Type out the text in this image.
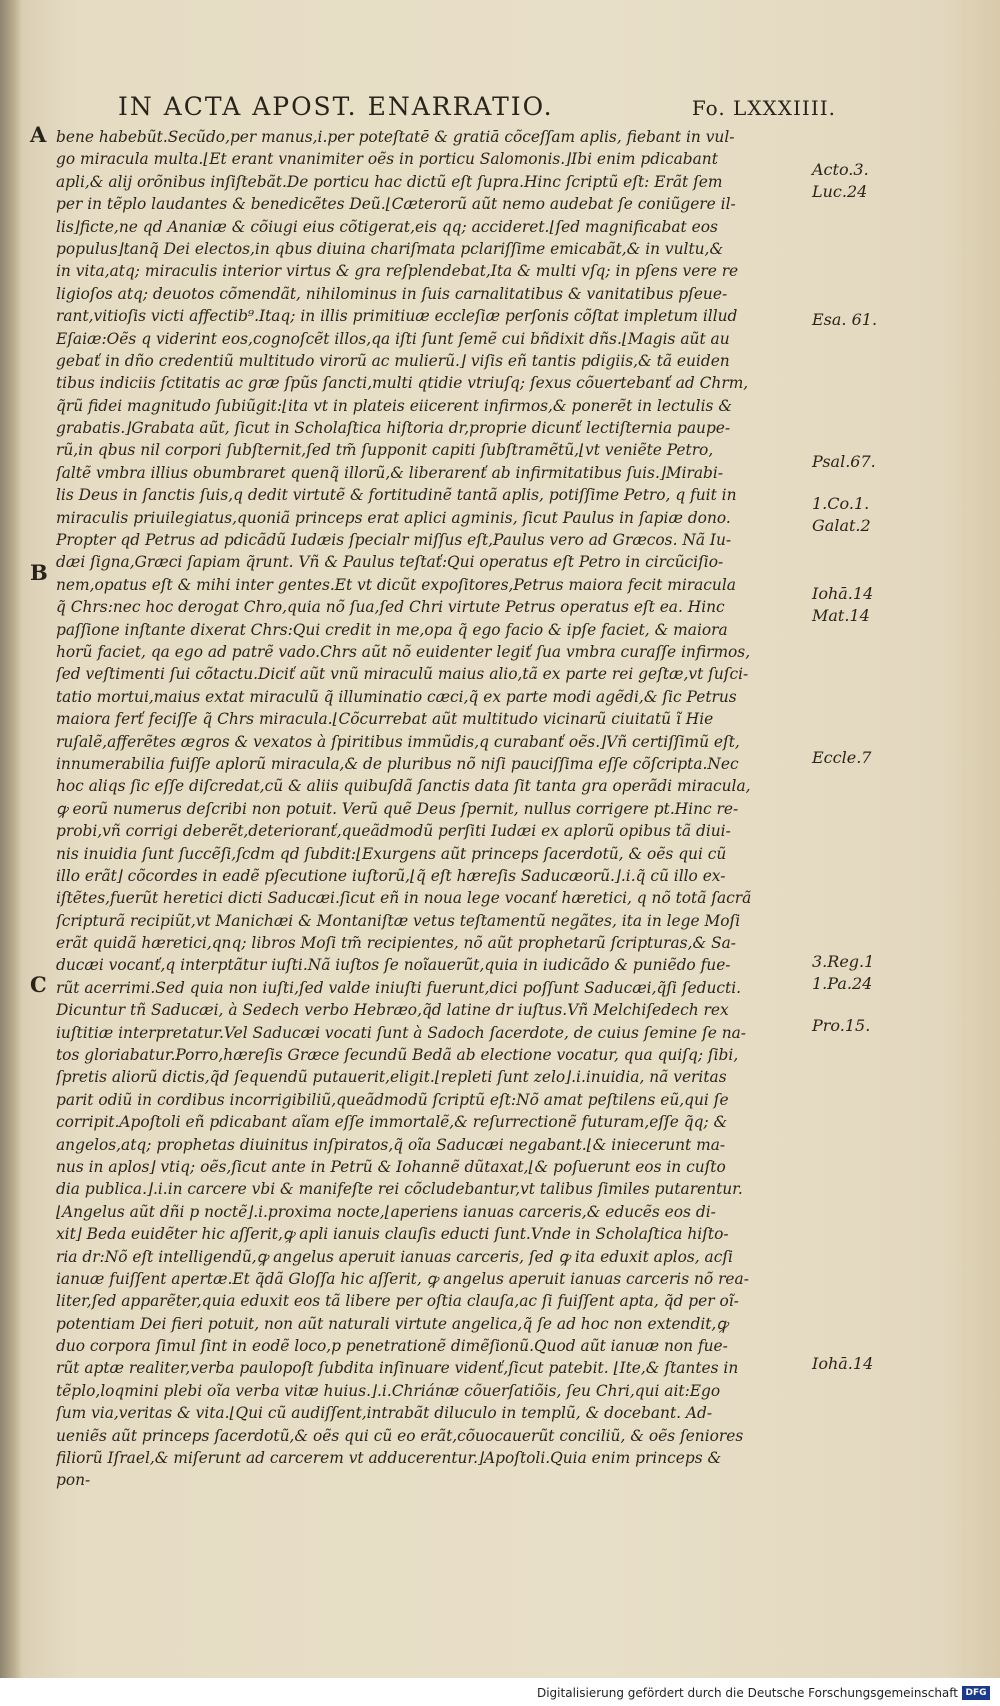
IN ACTA APOST. ENARRATIO.	Fo. LXXXIIII.
A
B
C
bene habebũt.Secũdo,per manus,i.per poteſtatē & gratiā cõceſſam aplis, fiebant in vul-
go miracula multa.⌊Et erant vnanimiter oẽs in porticu Salomonis.⌋Ibi enim pdicabant
apli,& alij orõnibus inſiſtebãt.De porticu hac dictũ eſt ſupra.Hinc ſcriptũ eſt: Erãt ſem
per in tẽplo laudantes & benedicẽtes Deũ.⌊Cæterorũ aũt nemo audebat ſe coniũgere il-
lis⌋ficte,ne qd Ananiæ & cõiugi eius cõtigerat,eis qq; accideret.⌊ſed magnificabat eos
populus⌋tanq̃ Dei electos,in qbus diuina chariſmata pclariſſime emicabãt,& in vultu,&
in vita,atq; miraculis interior virtus & gra reſplendebat,Ita & multi vſq; in pſens vere re
ligioſos atq; deuotos cõmendãt, nihilominus in ſuis carnalitatibus & vanitatibus pſeue-
rant,vitioſis victi affectib⁹.Itaq; in illis primitiuæ eccleſiæ perſonis cõſtat impletum illud
Eſaiæ:Oẽs q viderint eos,cognoſcẽt illos,qa iſti ſunt ſemẽ cui bñdixit dñs.⌊Magis aũt au
gebať in dño credentiũ multitudo virorũ ac mulierũ.⌋ viſis eñ tantis pdigiis,& tã euiden
tibus indiciis ſctitatis ac græ ſpũs ſancti,multi qtidie vtriuſq; ſexus cõuertebanť ad Chrm,
q̃rũ fidei magnitudo ſubiũgit:⌊ita vt in plateis eiicerent infirmos,& ponerẽt in lectulis &
grabatis.⌋Grabata aũt, ſicut in Scholaſtica hiſtoria dr,proprie dicunť lectiſternia paupe-
rũ,in qbus nil corpori ſubſternit,ſed tm̃ ſupponit capiti ſubſtramẽtũ,⌊vt veniẽte Petro,
ſaltẽ vmbra illius obumbraret quenq̃ illorũ,& liberarenť ab infirmitatibus ſuis.⌋Mirabi-
lis Deus in ſanctis ſuis,q dedit virtutẽ & fortitudinẽ tantã aplis, potiſſime Petro, q fuit in
miraculis priuilegiatus,quoniã princeps erat aplici agminis, ſicut Paulus in ſapiæ dono.
Propter qd Petrus ad pdicãdũ Iudæis ſpecialr miſſus eſt,Paulus vero ad Græcos. Nã Iu-
dæi ſigna,Græci ſapiam q̃runt. Vñ & Paulus teſtať:Qui operatus eſt Petro in circũciſio-
nem,opatus eſt & mihi inter gentes.Et vt dicũt expoſitores,Petrus maiora fecit miracula
q̃ Chrs:nec hoc derogat Chro,quia nõ ſua,ſed Chri virtute Petrus operatus eſt ea. Hinc
paſſione inſtante dixerat Chrs:Qui credit in me,opa q̃ ego facio & ipſe faciet, & maiora
horũ faciet, qa ego ad patrẽ vado.Chrs aũt nõ euidenter legiť ſua vmbra curaſſe infirmos,
ſed veſtimenti ſui cõtactu.Diciť aũt vnũ miraculũ maius alio,tã ex parte rei geſtæ,vt ſuſci-
tatio mortui,maius extat miraculũ q̃ illuminatio cæci,q̃ ex parte modi agẽdi,& ſic Petrus
maiora ferť feciſſe q̃ Chrs miracula.⌊Cõcurrebat aũt multitudo vicinarũ ciuitatũ ĩ Hie
ruſalẽ,afferẽtes ægros & vexatos à ſpiritibus immũdis,q curabanť oẽs.⌋Vñ certiſſimũ eſt,
innumerabilia fuiſſe aplorũ miracula,& de pluribus nõ niſi pauciſſima eſſe cõſcripta.Nec
hoc aliqs ſic eſſe diſcredat,cũ & aliis quibuſdã ſanctis data ſit tanta gra operãdi miracula,
ꝙ eorũ numerus deſcribi non potuit. Verũ quẽ Deus ſpernit, nullus corrigere pt.Hinc re-
probi,vñ corrigi deberẽt,deterioranť,queãdmodũ perſiti Iudæi ex aplorũ opibus tã diui-
nis inuidia ſunt ſuccẽſi,ſcdm qd ſubdit:⌊Exurgens aũt princeps ſacerdotũ, & oẽs qui cũ
illo erãt⌋ cõcordes in eadẽ pſecutione iuſtorũ,⌊q̃ eſt hæreſis Saducæorũ.⌋.i.q̃ cũ illo ex-
iſtẽtes,fuerũt heretici dicti Saducæi.ſicut eñ in noua lege vocanť hæretici, q nõ totã ſacrã
ſcripturã recipiũt,vt Manichæi & Montaniſtæ vetus teſtamentũ negãtes, ita in lege Moſi
erãt quidã hæretici,qnq; libros Moſi tm̃ recipientes, nõ aũt prophetarũ ſcripturas,& Sa-
ducæi vocanť,q interptãtur iuſti.Nã iuſtos ſe noĩauerũt,quia in iudicãdo & puniẽdo fue-
rũt acerrimi.Sed quia non iuſti,ſed valde iniuſti fuerunt,dici poſſunt Saducæi,q̃ſi ſeducti.
Dicuntur tñ Saducæi, à Sedech verbo Hebræo,q̃d latine dr iuſtus.Vñ Melchiſedech rex
iuſtitiæ interpretatur.Vel Saducæi vocati ſunt à Sadoch ſacerdote, de cuius ſemine ſe na-
tos gloriabatur.Porro,hæreſis Græce ſecundũ Bedã ab electione vocatur, qua quiſq; ſibi,
ſpretis aliorũ dictis,q̃d ſequendũ putauerit,eligit.⌊repleti ſunt zelo⌋.i.inuidia, nã veritas
parit odiũ in cordibus incorrigibiliũ,queãdmodũ ſcriptũ eſt:Nõ amat peſtilens eũ,qui ſe
corripit.Apoſtoli eñ pdicabant aĩam eſſe immortalẽ,& reſurrectionẽ futuram,eſſe q̃q; &
angelos,atq; prophetas diuinitus inſpiratos,q̃ oĩa Saducæi negabant.⌊& iniecerunt ma-
nus in aplos⌋ vtiq; oẽs,ſicut ante in Petrũ & Iohannẽ dũtaxat,⌊& poſuerunt eos in cuſto
dia publica.⌋.i.in carcere vbi & manifeſte rei cõcludebantur,vt talibus ſimiles putarentur.
⌊Angelus aũt dñi p noctẽ⌋.i.proxima nocte,⌊aperiens ianuas carceris,& educẽs eos di-
xit⌋ Beda euidẽter hic aſſerit,ꝙ apli ianuis clauſis educti ſunt.Vnde in Scholaſtica hiſto-
ria dr:Nõ eſt intelligendũ,ꝙ angelus aperuit ianuas carceris, ſed ꝙ ita eduxit aplos, acſi
ianuæ fuiſſent apertæ.Et q̃dã Gloſſa hic aſſerit, ꝙ angelus aperuit ianuas carceris nõ rea-
liter,ſed apparẽter,quia eduxit eos tã libere per oſtia clauſa,ac ſi fuiſſent apta, q̃d per oĩ-
potentiam Dei fieri potuit, non aũt naturali virtute angelica,q̃ ſe ad hoc non extendit,ꝙ
duo corpora ſimul ſint in eodẽ loco,p penetrationẽ dimẽſionũ.Quod aũt ianuæ non fue-
rũt aptæ realiter,verba paulopoſt ſubdita inſinuare videnť,ſicut patebit. ⌊Ite,& ſtantes in
tẽplo,loqmini plebi oĩa verba vitæ huius.⌋.i.Chriánæ cõuerſatiõis, ſeu Chri,qui ait:Ego
ſum via,veritas & vita.⌊Qui cũ audiſſent,intrabãt diluculo in templũ, & docebant. Ad-
ueniẽs aũt princeps ſacerdotũ,& oẽs qui cũ eo erãt,cõuocauerũt conciliũ, & oẽs ſeniores
filiorũ Iſrael,& miſerunt ad carcerem vt adducerentur.⌋Apoſtoli.Quia enim princeps &
pon-
Acto.3.
Luc.24
Esa. 61.
Psal.67.
1.Co.1.
Galat.2
Iohā.14
Mat.14
Eccle.7
3.Reg.1
1.Pa.24
Pro.15.
Iohā.14
Digitalisierung gefördert durch die Deutsche Forschungsgemeinschaft DFG
